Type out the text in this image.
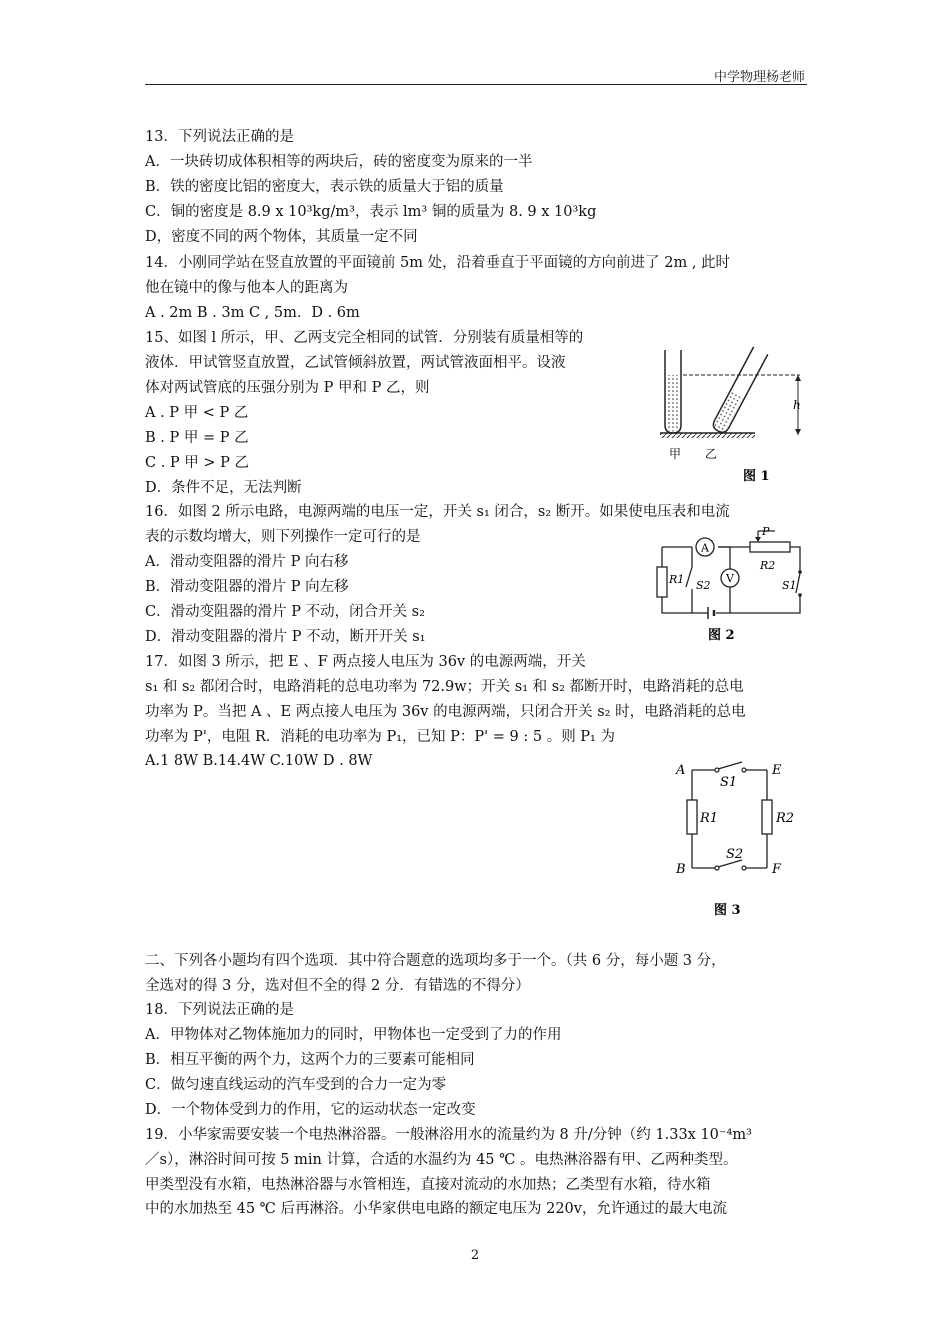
中学物理杨老师
13．下列说法正确的是
A．一块砖切成体积相等的两块后，砖的密度变为原来的一半
B．铁的密度比铝的密度大，表示铁的质量大于铝的质量
C．铜的密度是 8.9 x 10³kg/m³，表示 lm³ 铜的质量为 8. 9 x 10³kg
D，密度不同的两个物体，其质量一定不同
14．小刚同学站在竖直放置的平面镜前 5m 处，沿着垂直于平面镜的方向前进了 2m , 此时
他在镜中的像与他本人的距离为
A . 2m B . 3m C , 5m．D . 6m
15、如图 l 所示，甲、乙两支完全相同的试管．分别装有质量相等的
液体．甲试管竖直放置，乙试管倾斜放置，两试管液面相平。设液
体对两试管底的压强分别为 P 甲和 P 乙，则
A . P 甲 < P 乙
B . P 甲 = P 乙
C . P 甲 > P 乙
D．条件不足，无法判断
16．如图 2 所示电路，电源两端的电压一定，开关 s₁ 闭合，s₂ 断开。如果使电压表和电流
表的示数均增大，则下列操作一定可行的是
A．滑动变阻器的滑片 P 向右移
B．滑动变阻器的滑片 P 向左移
C．滑动变阻器的滑片 P 不动，闭合开关 s₂
D．滑动变阻器的滑片 P 不动，断开开关 s₁
17．如图 3 所示，把 E 、F 两点接人电压为 36v 的电源两端，开关
s₁ 和 s₂ 都闭合时，电路消耗的总电功率为 72.9w；开关 s₁ 和 s₂ 都断开时，电路消耗的总电
功率为 P。当把 A 、E 两点接人电压为 36v 的电源两端，只闭合开关 s₂ 时，电路消耗的总电
功率为 P'，电阻 R．消耗的电功率为 P₁，已知 P：P' = 9 : 5 。则 P₁ 为
A.1 8W B.14.4W C.10W D . 8W
二、下列各小题均有四个选项．其中符合题意的选项均多于一个。（共 6 分，每小题 3 分，
全选对的得 3 分，选对但不全的得 2 分．有错选的不得分）
18．下列说法正确的是
A．甲物体对乙物体施加力的同时，甲物体也一定受到了力的作用
B．相互平衡的两个力，这两个力的三要素可能相同
C．做匀速直线运动的汽车受到的合力一定为零
D．一个物体受到力的作用，它的运动状态一定改变
19．小华家需要安装一个电热淋浴器。一般淋浴用水的流量约为 8 升/分钟（约 1.33x 10⁻⁴m³
／s），淋浴时间可按 5 min 计算，合适的水温约为 45 ℃ 。电热淋浴器有甲、乙两种类型。
甲类型没有水箱，电热淋浴器与水管相连，直接对流动的水加热；乙类型有水箱，待水箱
中的水加热至 45 ℃ 后再淋浴。小华家供电电路的额定电压为 220v，允许通过的最大电流
h
甲 乙
图 1
A
P
R2
S1
R1 S2
V
图 2
S1
S2
R1	R2
A
B
E
F
图 3
2
